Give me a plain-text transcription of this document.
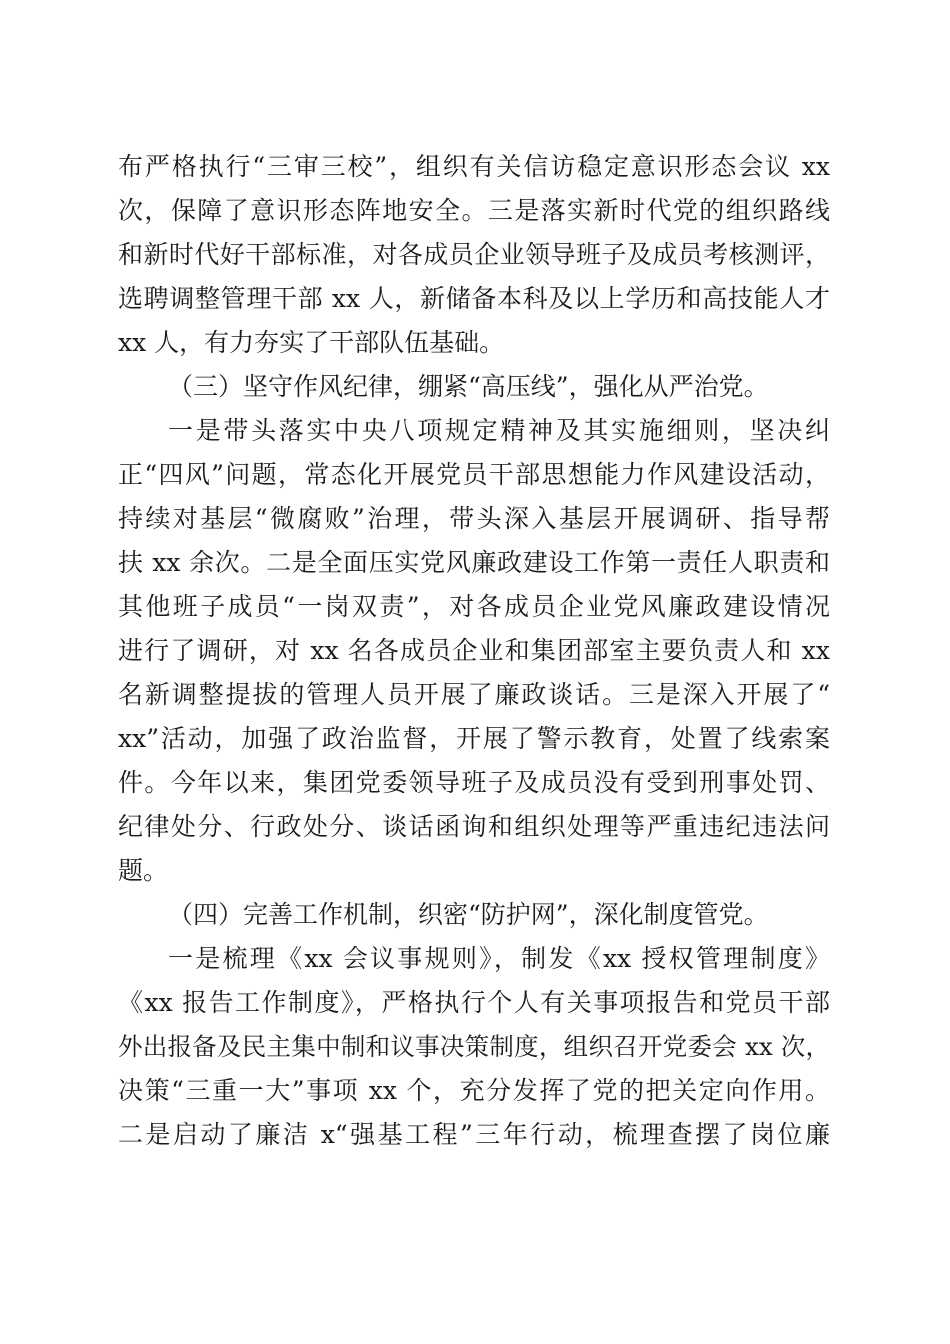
布严格执行“三审三校”，组织有关信访稳定意识形态会议 xx
次，保障了意识形态阵地安全。三是落实新时代党的组织路线
和新时代好干部标准，对各成员企业领导班子及成员考核测评，
选聘调整管理干部 xx 人，新储备本科及以上学历和高技能人才
xx 人，有力夯实了干部队伍基础。
（三）坚守作风纪律，绷紧“高压线”，强化从严治党。
一是带头落实中央八项规定精神及其实施细则，坚决纠
正“四风”问题，常态化开展党员干部思想能力作风建设活动，
持续对基层“微腐败”治理，带头深入基层开展调研、指导帮
扶 xx 余次。二是全面压实党风廉政建设工作第一责任人职责和
其他班子成员“一岗双责”，对各成员企业党风廉政建设情况
进行了调研，对 xx 名各成员企业和集团部室主要负责人和 xx
名新调整提拔的管理人员开展了廉政谈话。三是深入开展了“
xx”活动，加强了政治监督，开展了警示教育，处置了线索案
件。今年以来，集团党委领导班子及成员没有受到刑事处罚、
纪律处分、行政处分、谈话函询和组织处理等严重违纪违法问
题。
（四）完善工作机制，织密“防护网”，深化制度管党。
一是梳理《xx 会议事规则》，制发《xx 授权管理制度》
《xx 报告工作制度》，严格执行个人有关事项报告和党员干部
外出报备及民主集中制和议事决策制度，组织召开党委会 xx 次，
决策“三重一大”事项 xx 个，充分发挥了党的把关定向作用。
二是启动了廉洁 x“强基工程”三年行动，梳理查摆了岗位廉
